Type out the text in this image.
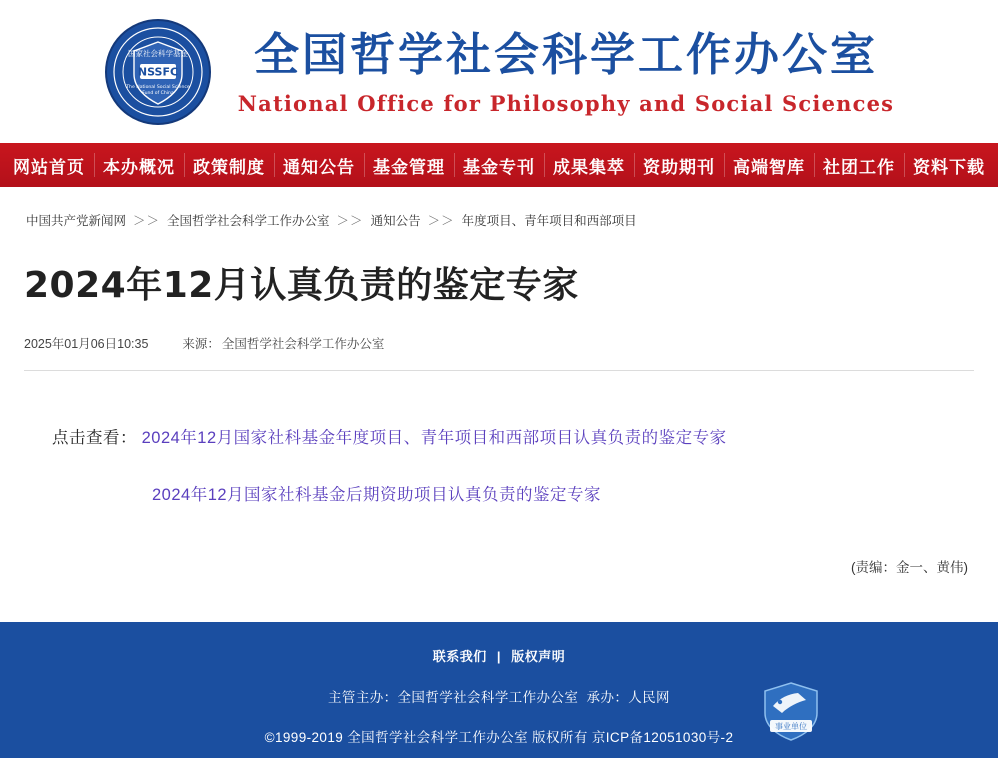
NSSFC
国家社会科学基金
The National Social Science
Fund of China
全国哲学社会科学工作办公室
National Office for Philosophy and Social Sciences
网站首页	本办概况	政策制度	通知公告	基金管理	基金专刊	成果集萃	资助期刊	高端智库	社团工作	资料下载
中国共产党新闻网 ＞＞ 全国哲学社会科学工作办公室 ＞＞ 通知公告 ＞＞ 年度项目、青年项目和西部项目
2024年12月认真负责的鉴定专家
2025年01月06日10:35	来源： 全国哲学社会科学工作办公室
点击查看： 2024年12月国家社科基金年度项目、青年项目和西部项目认真负责的鉴定专家
2024年12月国家社科基金后期资助项目认真负责的鉴定专家
(责编：金一、黄伟)
联系我们 | 版权声明
主管主办：全国哲学社会科学工作办公室 承办：人民网
©1999-2019 全国哲学社会科学工作办公室 版权所有 京ICP备12051030号-2
事业单位
